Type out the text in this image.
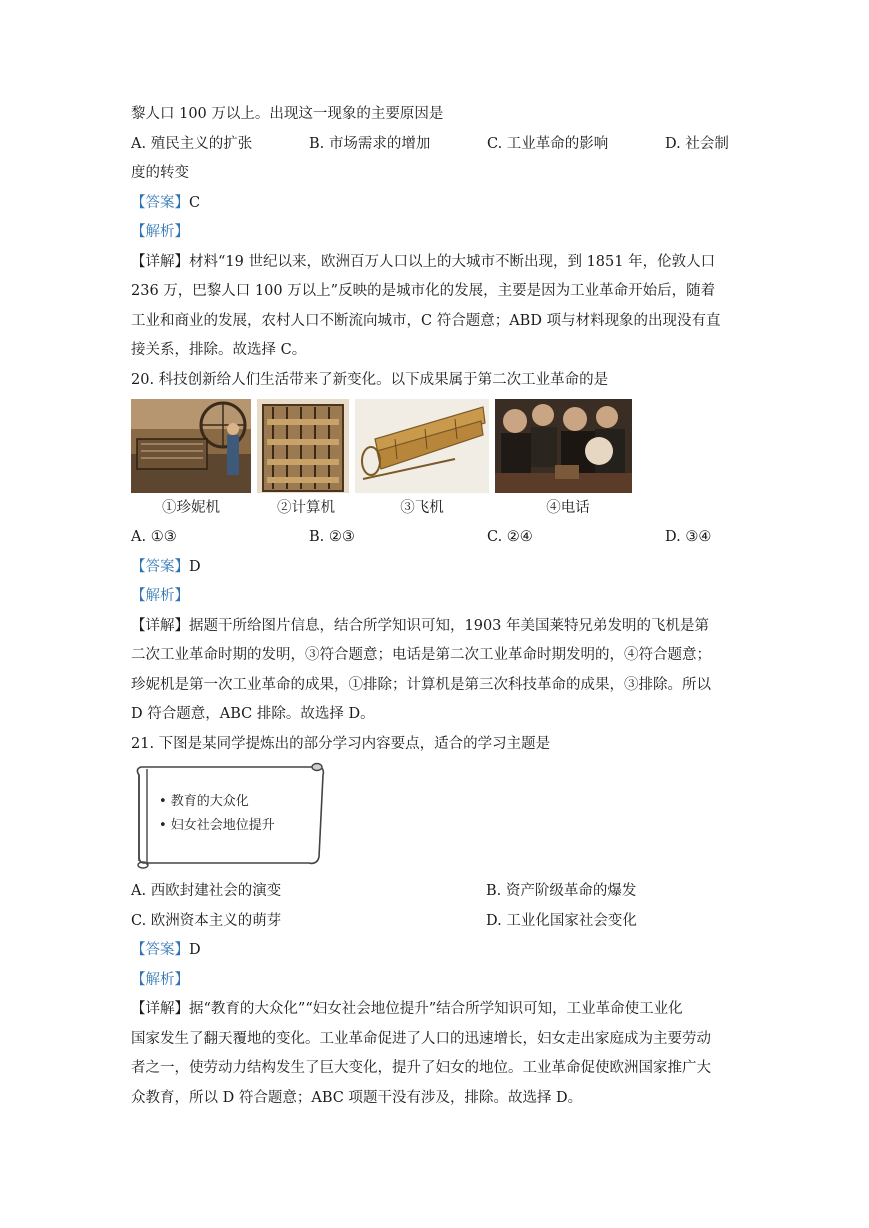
黎人口 100 万以上。出现这一现象的主要原因是
A. 殖民主义的扩张	B. 市场需求的增加	C. 工业革命的影响	D. 社会制
度的转变
【答案】C
【解析】
【详解】材料“19 世纪以来，欧洲百万人口以上的大城市不断出现，到 1851 年，伦敦人口
236 万，巴黎人口 100 万以上”反映的是城市化的发展，主要是因为工业革命开始后，随着
工业和商业的发展，农村人口不断流向城市，C 符合题意；ABD 项与材料现象的出现没有直
接关系，排除。故选择 C。
20. 科技创新给人们生活带来了新变化。以下成果属于第二次工业革命的是
①珍妮机	②计算机	③飞机	④电话
A. ①③	B. ②③	C. ②④	D. ③④
【答案】D
【解析】
【详解】据题干所给图片信息，结合所学知识可知，1903 年美国莱特兄弟发明的飞机是第
二次工业革命时期的发明，③符合题意；电话是第二次工业革命时期发明的，④符合题意；
珍妮机是第一次工业革命的成果，①排除；计算机是第三次科技革命的成果，③排除。所以
D 符合题意，ABC 排除。故选择 D。
21. 下图是某同学提炼出的部分学习内容要点，适合的学习主题是
• 教育的大众化
• 妇女社会地位提升
A. 西欧封建社会的演变	B. 资产阶级革命的爆发
C. 欧洲资本主义的萌芽	D. 工业化国家社会变化
【答案】D
【解析】
【详解】据“教育的大众化”“妇女社会地位提升”结合所学知识可知，工业革命使工业化
国家发生了翻天覆地的变化。工业革命促进了人口的迅速增长，妇女走出家庭成为主要劳动
者之一，使劳动力结构发生了巨大变化，提升了妇女的地位。工业革命促使欧洲国家推广大
众教育，所以 D 符合题意；ABC 项题干没有涉及，排除。故选择 D。
